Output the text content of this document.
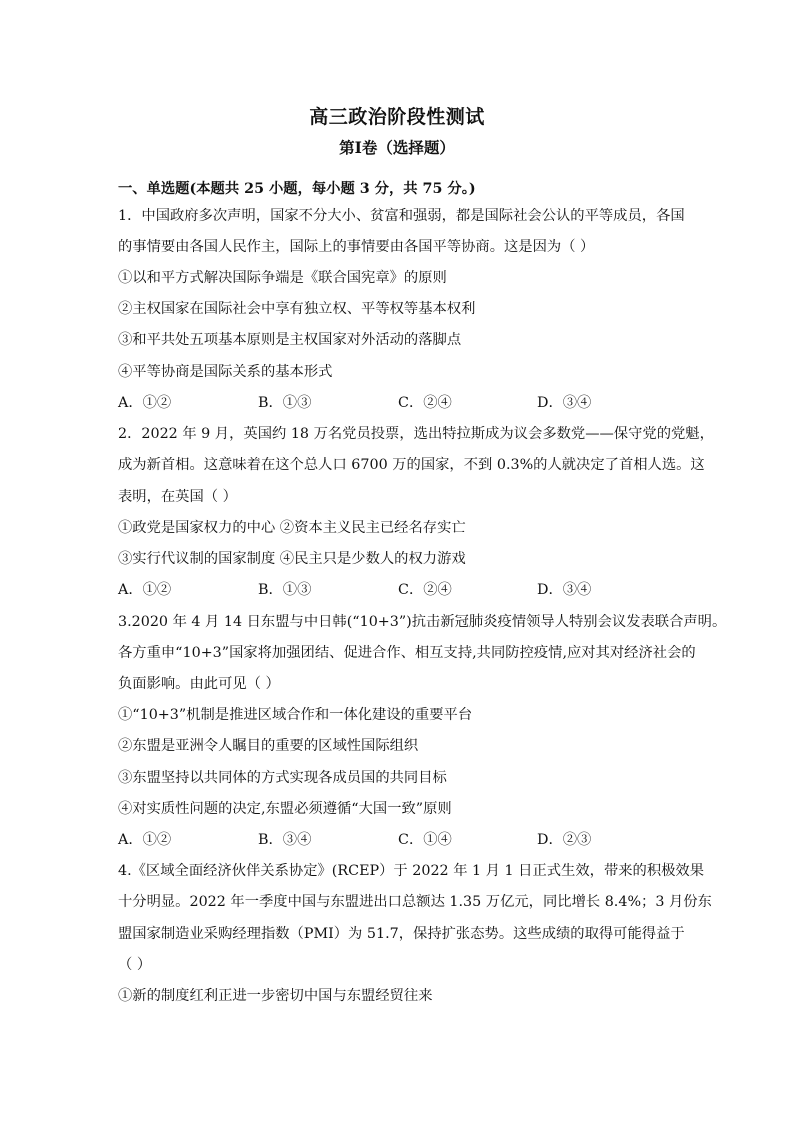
高三政治阶段性测试
第Ⅰ卷（选择题）
一、单选题(本题共 25 小题，每小题 3 分，共 75 分。)
1．中国政府多次声明，国家不分大小、贫富和强弱，都是国际社会公认的平等成员，各国
的事情要由各国人民作主，国际上的事情要由各国平等协商。这是因为（ ）
①以和平方式解决国际争端是《联合国宪章》的原则
②主权国家在国际社会中享有独立权、平等权等基本权利
③和平共处五项基本原则是主权国家对外活动的落脚点
④平等协商是国际关系的基本形式
A．①②	B．①③	C．②④	D．③④
2．2022 年 9 月，英国约 18 万名党员投票，选出特拉斯成为议会多数党——保守党的党魁，
成为新首相。这意味着在这个总人口 6700 万的国家，不到 0.3%的人就决定了首相人选。这
表明，在英国（ ）
①政党是国家权力的中心 ②资本主义民主已经名存实亡
③实行代议制的国家制度 ④民主只是少数人的权力游戏
A．①②	B．①③	C．②④	D．③④
3.2020 年 4 月 14 日东盟与中日韩(“10+3”)抗击新冠肺炎疫情领导人特别会议发表联合声明。
各方重申“10+3”国家将加强团结、促进合作、相互支持,共同防控疫情,应对其对经济社会的
负面影响。由此可见（ ）
①“10+3”机制是推进区域合作和一体化建设的重要平台
②东盟是亚洲令人瞩目的重要的区域性国际组织
③东盟坚持以共同体的方式实现各成员国的共同目标
④对实质性问题的决定,东盟必须遵循“大国一致”原则
A．①②	B．③④	C．①④	D．②③
4.《区域全面经济伙伴关系协定》(RCEP）于 2022 年 1 月 1 日正式生效，带来的积极效果
十分明显。2022 年一季度中国与东盟进出口总额达 1.35 万亿元，同比增长 8.4%；3 月份东
盟国家制造业采购经理指数（PMI）为 51.7，保持扩张态势。这些成绩的取得可能得益于
（ ）
①新的制度红利正进一步密切中国与东盟经贸往来
